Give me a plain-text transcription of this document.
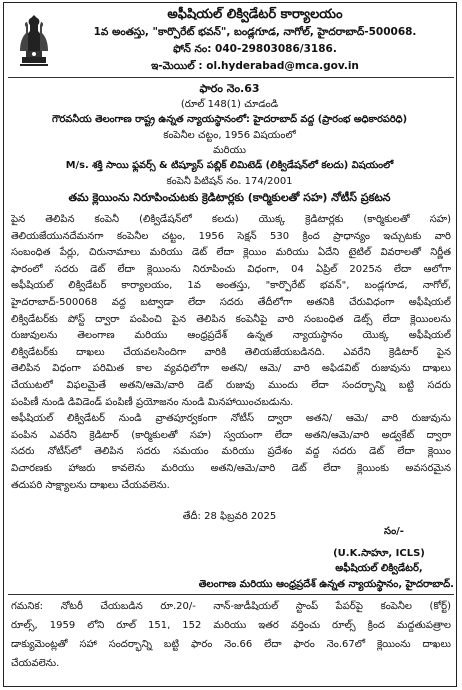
అఫీషియల్ లిక్విడేటర్ కార్యాలయం
1వ అంతస్తు, "కార్పొరేట్ భవన్", బండ్లగూడ, నాగోల్, హైదరాబాద్-500068.
ఫోన్ నం: 040-29803086/3186.
ఇ-మెయిల్ : ol.hyderabad@mca.gov.in
ఫారం నెం.63
(రూల్ 148(1) చూడండి
గౌరవనీయ తెలంగాణ రాష్ట్ర ఉన్నత న్యాయస్థానంలో: హైదరాబాద్ వద్ద (ప్రారంభ అధికారపరిధి)
కంపెనీల చట్టం, 1956 విషయంలో
మరియు
M/s. శక్తి సాయి ఫ్లవర్స్ & టిష్యూస్ పబ్లిక్ లిమిటెడ్ (లిక్విడేషన్‌లో కలదు) విషయంలో
కంపెనీ పిటిషన్ నం. 174/2001
తమ క్లెయింను నిరూపించుటకు క్రెడిటార్లకు (కార్మికులతో సహ) నోటీస్ ప్రకటన
పైన తెలిపిన కంపెనీ (లిక్విడేషన్‌లో కలదు) యొక్క క్రెడిటార్లకు (కార్మికులతో సహ)
తెలియజేయునదేమనగా కంపెనీల చట్టం, 1956 సెక్షన్ 530 క్రింద ప్రాధాన్యం ఇచ్చుటకు వారి
సంబంధిత పేర్లు, చిరునామాలు మరియు డెట్ లేదా క్లెయిం మరియు ఏదేని టైటిల్ వివరాలతో నిర్ణీత
ఫారంలో సదరు డెట్ లేదా క్లెయింను నిరూపించు విధంగా, 04 ఏప్రిల్ 2025న లేదా ఆలోగా
అఫీషియల్ లిక్విడేటర్ కార్యాలయం, 1వ అంతస్తు, "కార్పొరేట్ భవన్", బండ్లగూడ, నాగోల్,
హైదరాబాద్-500068 వద్ద బట్వాడా లేదా సదరు తేదీలోగా అతనికి చేరువిధంగా అఫీషియల్
లిక్విడేటర్‌కు పోస్ట్ ద్వారా పంపించి పైన తెలిపిన కంపెనీపై వారి సంబంధిత డెట్స్ లేదా క్లెయింలను
రుజువులను తెలంగాణ మరియు ఆంధ్రప్రదేశ్ ఉన్నత న్యాయస్థానం యొక్క అఫీషియల్
లిక్విడేటర్‌కు దాఖలు చేయవలసిందిగా వారికి తెలియజేయబడినది. ఎవరేని క్రెడిటార్ పైన
తెలిపిన విధంగా పరిమిత కాల వ్యవధిలోగా అతని/ ఆమె/ వారి అఫిడవిట్ రుజువును దాఖలు
చేయుటలో విఫలమైతే అతని/ఆమె/వారి డెట్ రుజువు ముందు లేదా సందర్భాన్ని బట్టి సదరు
పంపిణీ నుండి డివిడెండ్ పంపిణీ ప్రయోజనం నుండి మినహాయించబడును.
అఫీషియల్ లిక్విడేటర్ నుండి వ్రాతపూర్వకంగా నోటీస్ ద్వారా అతని/ ఆమె/ వారి రుజువును
పంపిన ఎవరేని క్రెడిటార్ (కార్మికులతో సహ) స్వయంగా లేదా అతని/ఆమె/వారి అడ్వకేట్ ద్వారా
సదరు నోటీస్‌లో తెలిపిన సదరు సమయం మరియు ప్రదేశం వద్ద సదరు డెట్ లేదా క్లెయిం
విచారణకు హాజరు కావలెను మరియు అతని/ఆమె/వారి డెట్ లేదా క్లెయింకు అవసరమైన
తదుపరి సాక్ష్యాలను దాఖలు చేయవలెను.
తేదీ: 28 ఫిబ్రవరి 2025
సం/-
(U.K.సాహూ, ICLS)
అఫీషియల్ లిక్విడేటర్,
తెలంగాణ మరియు ఆంధ్రప్రదేశ్ ఉన్నత న్యాయస్థానం, హైదరాబాద్.
గమనిక: నోటరీ చేయబడిన రూ.20/- నాన్-జుడీషియల్ స్టాంప్ పేపర్‌పై కంపెనీల (కోర్ట్)
రూల్స్, 1959 లోని రూల్ 151, 152 మరియు ఇతర వర్తించు రూల్స్ క్రింద మద్దతుపత్రాల
డాక్యుమెంట్లతో సహా సందర్భాన్ని బట్టి ఫారం నెం.66 లేదా ఫారం నెం.67లో క్లెయింను దాఖలు
చేయవలెను.
